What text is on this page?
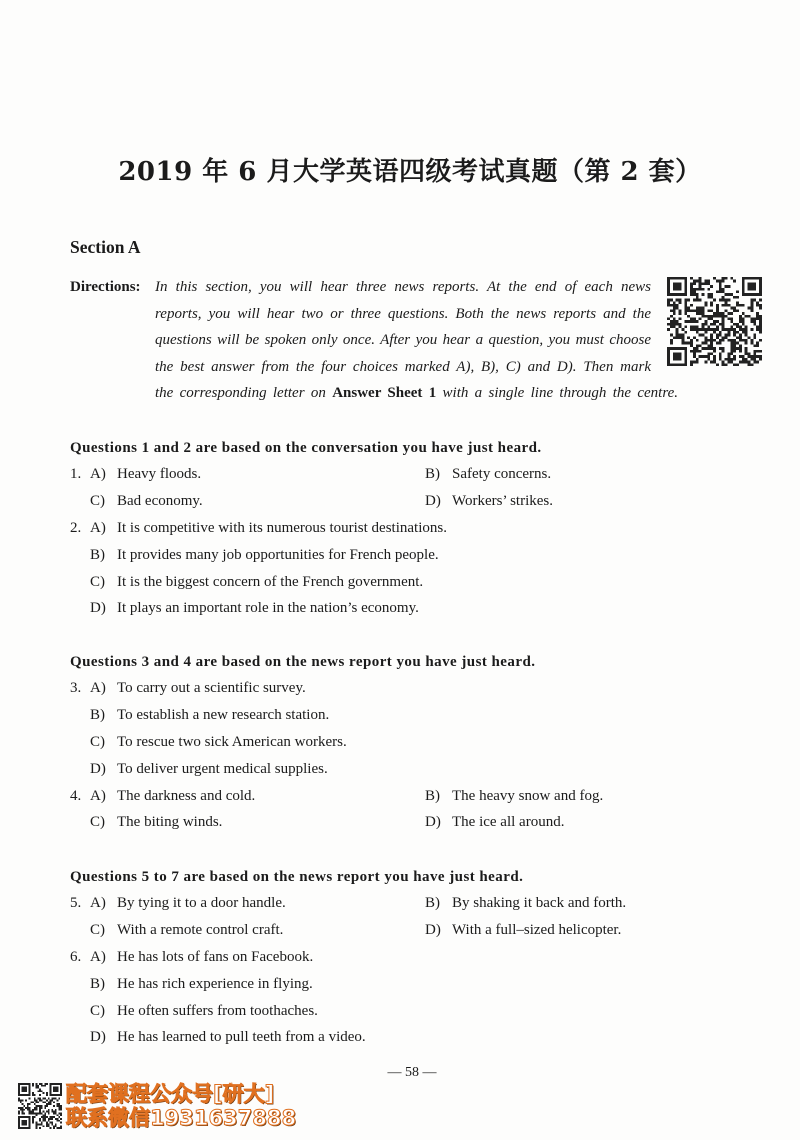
2019 年 6 月大学英语四级考试真题（第 2 套）
Section A
Directions: In this section, you will hear three news reports. At the end of each news
reports, you will hear two or three questions. Both the news reports and the
questions will be spoken only once. After you hear a question, you must choose
the best answer from the four choices marked A), B), C) and D). Then mark
the corresponding letter on Answer Sheet 1 with a single line through the centre.
Questions 1 and 2 are based on the conversation you have just heard.
1. A) Heavy floods.	B) Safety concerns.
C) Bad economy.	D) Workers’ strikes.
2. A) It is competitive with its numerous tourist destinations.
B) It provides many job opportunities for French people.
C) It is the biggest concern of the French government.
D) It plays an important role in the nation’s economy.
Questions 3 and 4 are based on the news report you have just heard.
3. A) To carry out a scientific survey.
B) To establish a new research station.
C) To rescue two sick American workers.
D) To deliver urgent medical supplies.
4. A) The darkness and cold.	B) The heavy snow and fog.
C) The biting winds.	D) The ice all around.
Questions 5 to 7 are based on the news report you have just heard.
5. A) By tying it to a door handle.	B) By shaking it back and forth.
C) With a remote control craft.	D) With a full–sized helicopter.
6. A) He has lots of fans on Facebook.
B) He has rich experience in flying.
C) He often suffers from toothaches.
D) He has learned to pull teeth from a video.
— 58 —
配套课程公众号[研大]
联系微信1931637888
